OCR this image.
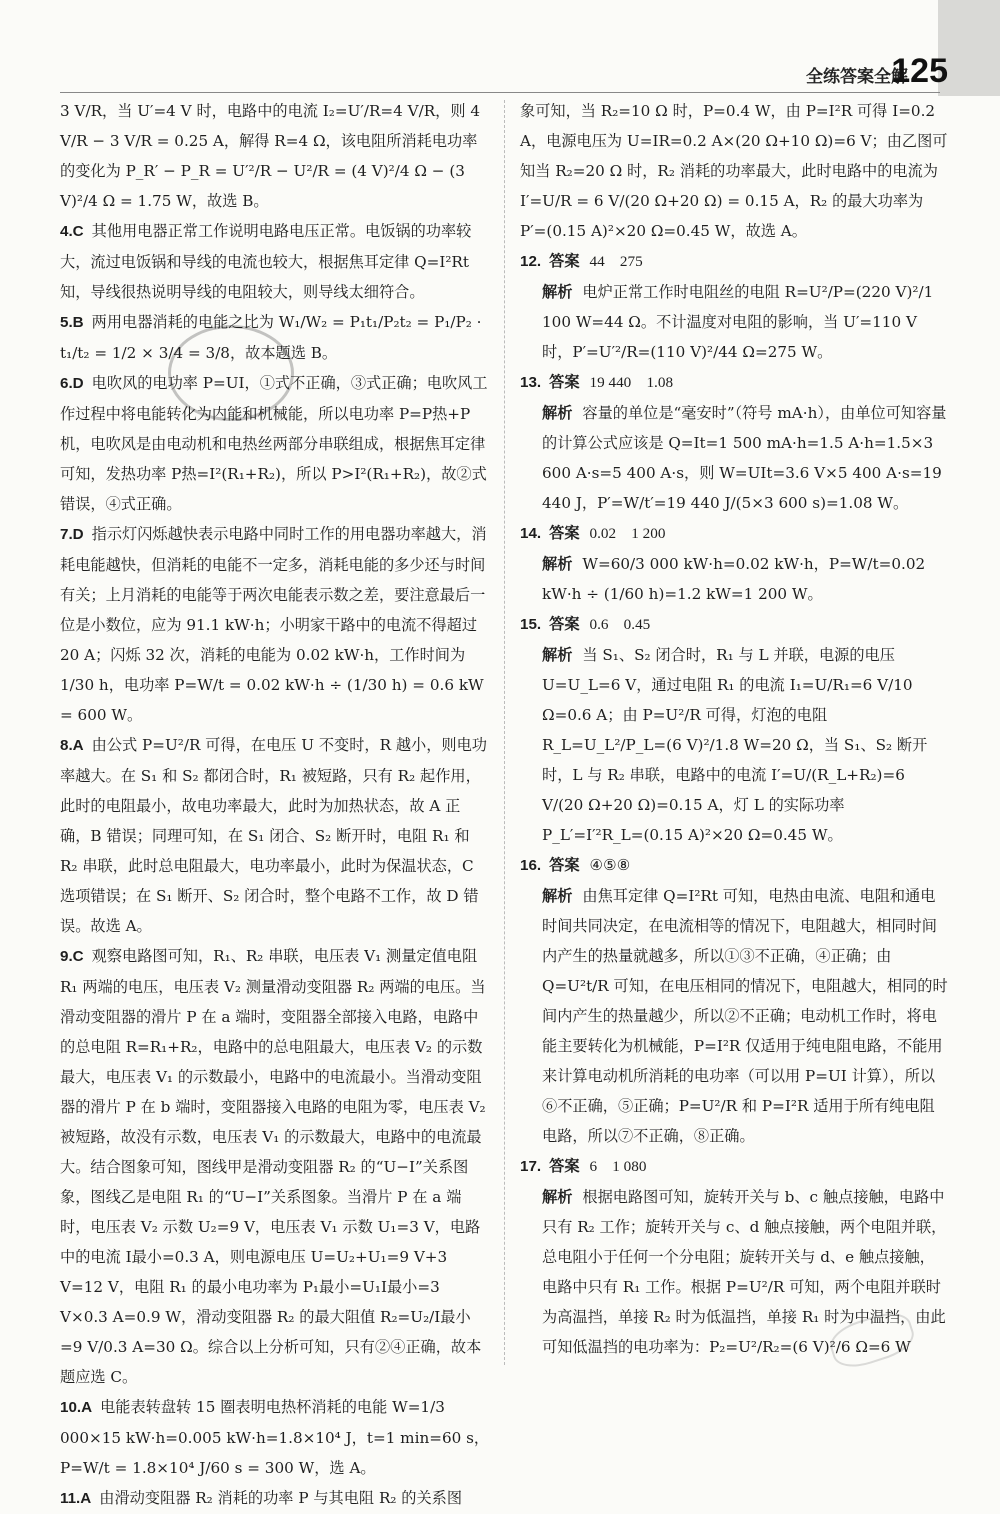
全练答案全解
125

3 V/R，当 U′=4 V 时，电路中的电流 I₂=U′/R=4 V/R，则 4 V/R − 3 V/R = 0.25 A，解得 R=4 Ω，该电阻所消耗电功率的变化为 P_R′ − P_R = U′²/R − U²/R = (4 V)²/4 Ω − (3 V)²/4 Ω = 1.75 W，故选 B。

4.C 其他用电器正常工作说明电路电压正常。电饭锅的功率较大，流过电饭锅和导线的电流也较大，根据焦耳定律 Q=I²Rt 知，导线很热说明导线的电阻较大，则导线太细符合。

5.B 两用电器消耗的电能之比为 W₁/W₂ = P₁t₁/P₂t₂ = P₁/P₂ · t₁/t₂ = 1/2 × 3/4 = 3/8，故本题选 B。

6.D 电吹风的电功率 P=UI，①式不正确，③式正确；电吹风工作过程中将电能转化为内能和机械能，所以电功率 P=P热+P机，电吹风是由电动机和电热丝两部分串联组成，根据焦耳定律可知，发热功率 P热=I²(R₁+R₂)，所以 P>I²(R₁+R₂)，故②式错误，④式正确。

7.D 指示灯闪烁越快表示电路中同时工作的用电器功率越大，消耗电能越快，但消耗的电能不一定多，消耗电能的多少还与时间有关；上月消耗的电能等于两次电能表示数之差，要注意最后一位是小数位，应为 91.1 kW·h；小明家干路中的电流不得超过 20 A；闪烁 32 次，消耗的电能为 0.02 kW·h，工作时间为 1/30 h，电功率 P=W/t = 0.02 kW·h ÷ (1/30 h) = 0.6 kW = 600 W。

8.A 由公式 P=U²/R 可得，在电压 U 不变时，R 越小，则电功率越大。在 S₁ 和 S₂ 都闭合时，R₁ 被短路，只有 R₂ 起作用，此时的电阻最小，故电功率最大，此时为加热状态，故 A 正确，B 错误；同理可知，在 S₁ 闭合、S₂ 断开时，电阻 R₁ 和 R₂ 串联，此时总电阻最大，电功率最小，此时为保温状态，C 选项错误；在 S₁ 断开、S₂ 闭合时，整个电路不工作，故 D 错误。故选 A。

9.C 观察电路图可知，R₁、R₂ 串联，电压表 V₁ 测量定值电阻 R₁ 两端的电压，电压表 V₂ 测量滑动变阻器 R₂ 两端的电压。当滑动变阻器的滑片 P 在 a 端时，变阻器全部接入电路，电路中的总电阻 R=R₁+R₂，电路中的总电阻最大，电压表 V₂ 的示数最大，电压表 V₁ 的示数最小，电路中的电流最小。当滑动变阻器的滑片 P 在 b 端时，变阻器接入电路的电阻为零，电压表 V₂ 被短路，故没有示数，电压表 V₁ 的示数最大，电路中的电流最大。结合图象可知，图线甲是滑动变阻器 R₂ 的“U−I”关系图象，图线乙是电阻 R₁ 的“U−I”关系图象。当滑片 P 在 a 端时，电压表 V₂ 示数 U₂=9 V，电压表 V₁ 示数 U₁=3 V，电路中的电流 I最小=0.3 A，则电源电压 U=U₂+U₁=9 V+3 V=12 V，电阻 R₁ 的最小电功率为 P₁最小=U₁I最小=3 V×0.3 A=0.9 W，滑动变阻器 R₂ 的最大阻值 R₂=U₂/I最小=9 V/0.3 A=30 Ω。综合以上分析可知，只有②④正确，故本题应选 C。

10.A 电能表转盘转 15 圈表明电热杯消耗的电能 W=1/3 000×15 kW·h=0.005 kW·h=1.8×10⁴ J，t=1 min=60 s，P=W/t = 1.8×10⁴ J/60 s = 300 W，选 A。

11.A 由滑动变阻器 R₂ 消耗的功率 P 与其电阻 R₂ 的关系图

象可知，当 R₂=10 Ω 时，P=0.4 W，由 P=I²R 可得 I=0.2 A，电源电压为 U=IR=0.2 A×(20 Ω+10 Ω)=6 V；由乙图可知当 R₂=20 Ω 时，R₂ 消耗的功率最大，此时电路中的电流为 I′=U/R = 6 V/(20 Ω+20 Ω) = 0.15 A，R₂ 的最大功率为 P′=(0.15 A)²×20 Ω=0.45 W，故选 A。

12. 答案 44　275

解析 电炉正常工作时电阻丝的电阻 R=U²/P=(220 V)²/1 100 W=44 Ω。不计温度对电阻的影响，当 U′=110 V 时，P′=U′²/R=(110 V)²/44 Ω=275 W。

13. 答案 19 440　1.08

解析 容量的单位是“毫安时”（符号 mA·h），由单位可知容量的计算公式应该是 Q=It=1 500 mA·h=1.5 A·h=1.5×3 600 A·s=5 400 A·s，则 W=UIt=3.6 V×5 400 A·s=19 440 J，P′=W/t′=19 440 J/(5×3 600 s)=1.08 W。

14. 答案 0.02　1 200

解析 W=60/3 000 kW·h=0.02 kW·h，P=W/t=0.02 kW·h ÷ (1/60 h)=1.2 kW=1 200 W。

15. 答案 0.6　0.45

解析 当 S₁、S₂ 闭合时，R₁ 与 L 并联，电源的电压 U=U_L=6 V，通过电阻 R₁ 的电流 I₁=U/R₁=6 V/10 Ω=0.6 A；由 P=U²/R 可得，灯泡的电阻 R_L=U_L²/P_L=(6 V)²/1.8 W=20 Ω，当 S₁、S₂ 断开时，L 与 R₂ 串联，电路中的电流 I′=U/(R_L+R₂)=6 V/(20 Ω+20 Ω)=0.15 A，灯 L 的实际功率 P_L′=I′²R_L=(0.15 A)²×20 Ω=0.45 W。

16. 答案 ④⑤⑧

解析 由焦耳定律 Q=I²Rt 可知，电热由电流、电阻和通电时间共同决定，在电流相等的情况下，电阻越大，相同时间内产生的热量就越多，所以①③不正确，④正确；由 Q=U²t/R 可知，在电压相同的情况下，电阻越大，相同的时间内产生的热量越少，所以②不正确；电动机工作时，将电能主要转化为机械能，P=I²R 仅适用于纯电阻电路，不能用来计算电动机所消耗的电功率（可以用 P=UI 计算），所以⑥不正确，⑤正确；P=U²/R 和 P=I²R 适用于所有纯电阻电路，所以⑦不正确，⑧正确。

17. 答案 6　1 080

解析 根据电路图可知，旋转开关与 b、c 触点接触，电路中只有 R₂ 工作；旋转开关与 c、d 触点接触，两个电阻并联，总电阻小于任何一个分电阻；旋转开关与 d、e 触点接触，电路中只有 R₁ 工作。根据 P=U²/R 可知，两个电阻并联时为高温挡，单接 R₂ 时为低温挡，单接 R₁ 时为中温挡，由此可知低温挡的电功率为：P₂=U²/R₂=(6 V)²/6 Ω=6 W
